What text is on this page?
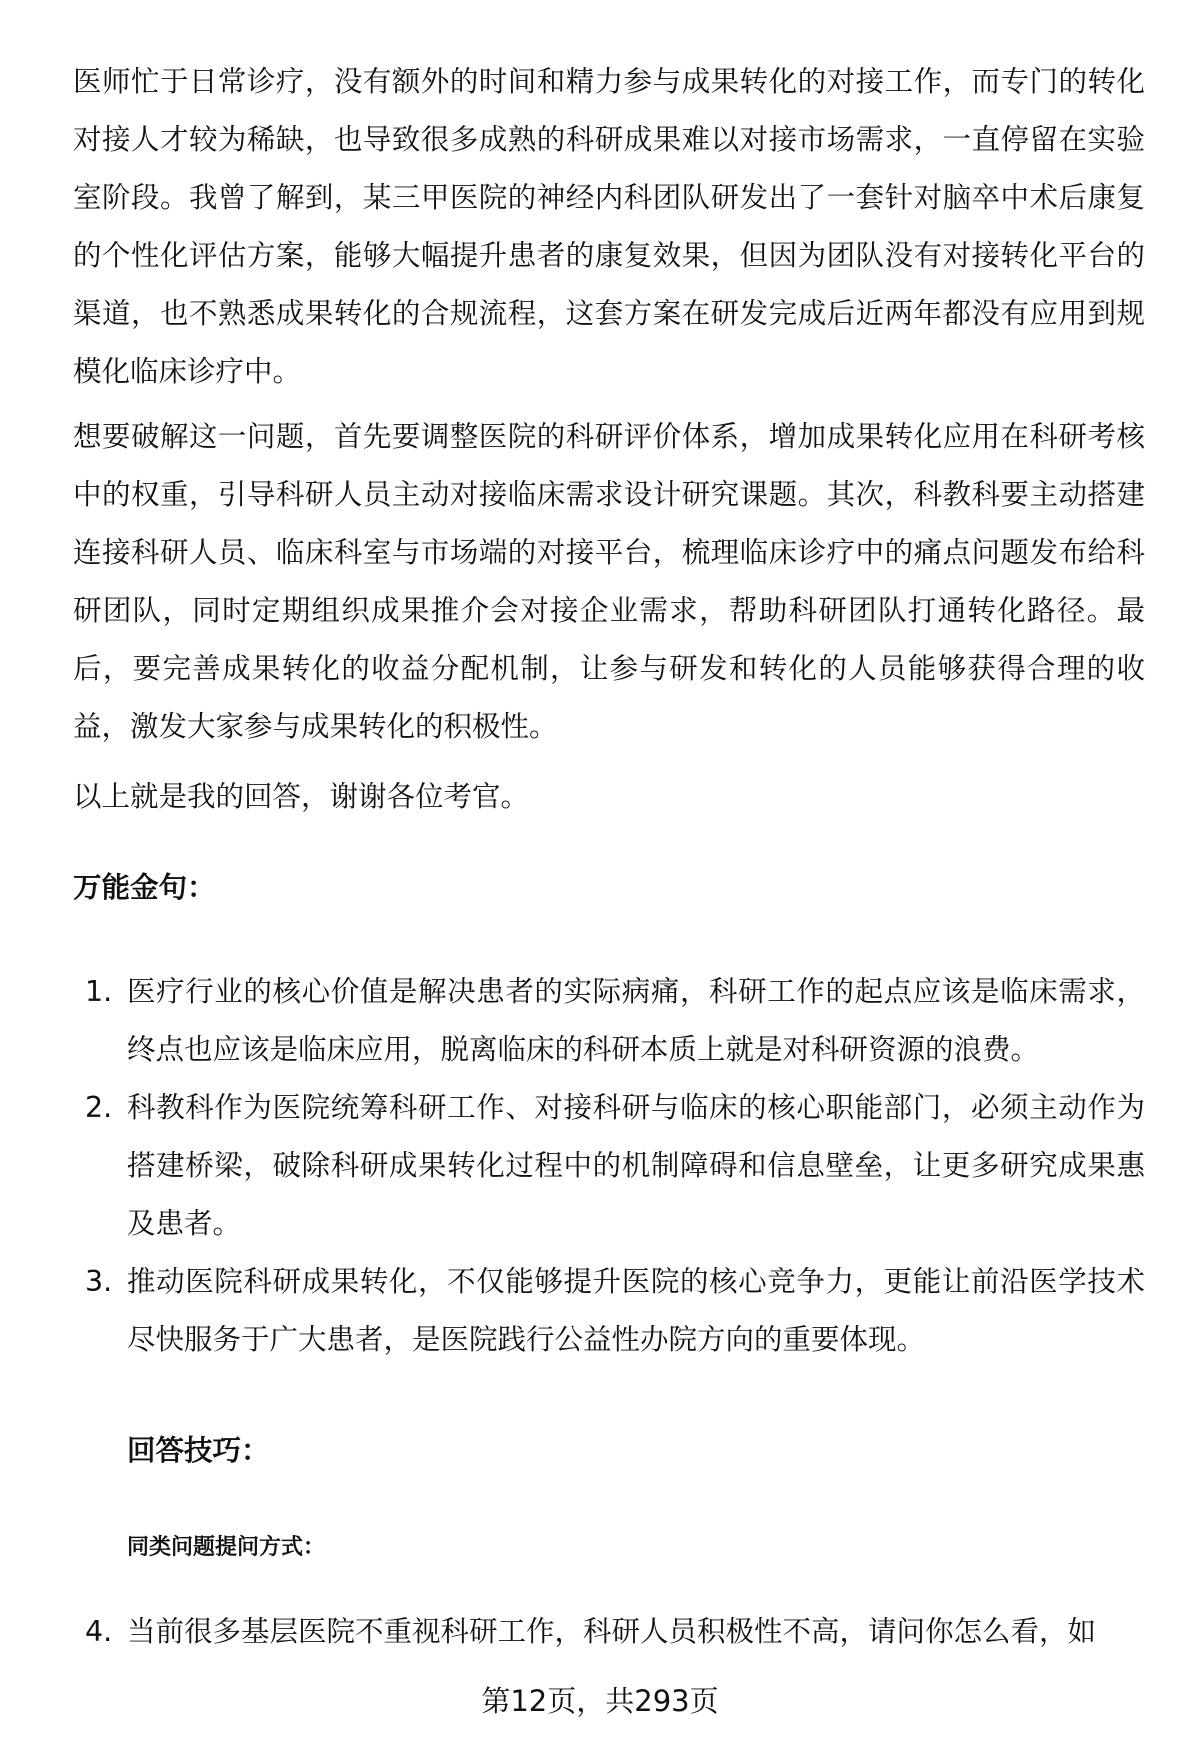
医师忙于日常诊疗，没有额外的时间和精力参与成果转化的对接工作，而专门的转化对接人才较为稀缺，也导致很多成熟的科研成果难以对接市场需求，一直停留在实验室阶段。我曾了解到，某三甲医院的神经内科团队研发出了一套针对脑卒中术后康复的个性化评估方案，能够大幅提升患者的康复效果，但因为团队没有对接转化平台的渠道，也不熟悉成果转化的合规流程，这套方案在研发完成后近两年都没有应用到规模化临床诊疗中。

想要破解这一问题，首先要调整医院的科研评价体系，增加成果转化应用在科研考核中的权重，引导科研人员主动对接临床需求设计研究课题。其次，科教科要主动搭建连接科研人员、临床科室与市场端的对接平台，梳理临床诊疗中的痛点问题发布给科研团队，同时定期组织成果推介会对接企业需求，帮助科研团队打通转化路径。最后，要完善成果转化的收益分配机制，让参与研发和转化的人员能够获得合理的收益，激发大家参与成果转化的积极性。

以上就是我的回答，谢谢各位考官。

万能金句：
1. 医疗行业的核心价值是解决患者的实际病痛，科研工作的起点应该是临床需求，终点也应该是临床应用，脱离临床的科研本质上就是对科研资源的浪费。
2. 科教科作为医院统筹科研工作、对接科研与临床的核心职能部门，必须主动作为搭建桥梁，破除科研成果转化过程中的机制障碍和信息壁垒，让更多研究成果惠及患者。
3. 推动医院科研成果转化，不仅能够提升医院的核心竞争力，更能让前沿医学技术尽快服务于广大患者，是医院践行公益性办院方向的重要体现。
回答技巧：
同类问题提问方式：
4. 当前很多基层医院不重视科研工作，科研人员积极性不高，请问你怎么看，如
第12页，共293页
